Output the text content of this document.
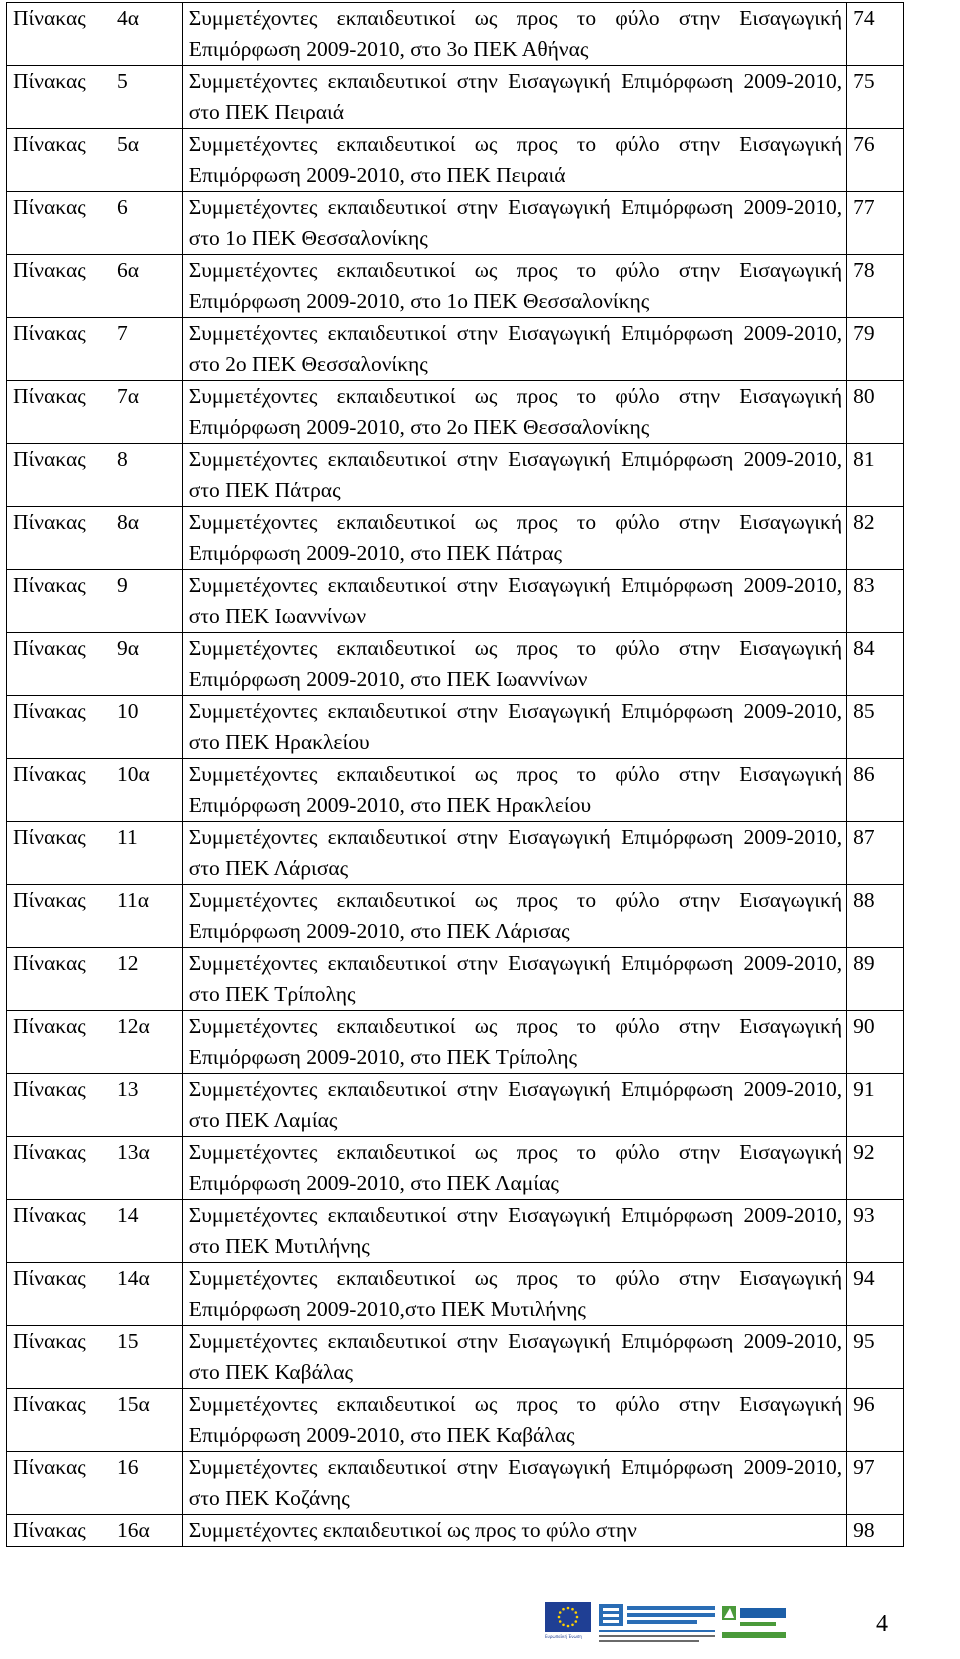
Πίνακας 4α	Συμμετέχοντες εκπαιδευτικοί ως προς το φύλο στην Εισαγωγική Επιμόρφωση 2009-2010, στο 3ο ΠΕΚ Αθήνας	74
Πίνακας 5	Συμμετέχοντες εκπαιδευτικοί στην Εισαγωγική Επιμόρφωση 2009-2010, στο ΠΕΚ Πειραιά	75
Πίνακας 5α	Συμμετέχοντες εκπαιδευτικοί ως προς το φύλο στην Εισαγωγική Επιμόρφωση 2009-2010, στο ΠΕΚ Πειραιά	76
Πίνακας 6	Συμμετέχοντες εκπαιδευτικοί στην Εισαγωγική Επιμόρφωση 2009-2010, στο 1ο ΠΕΚ Θεσσαλονίκης	77
Πίνακας 6α	Συμμετέχοντες εκπαιδευτικοί ως προς το φύλο στην Εισαγωγική Επιμόρφωση 2009-2010, στο 1ο ΠΕΚ Θεσσαλονίκης	78
Πίνακας 7	Συμμετέχοντες εκπαιδευτικοί στην Εισαγωγική Επιμόρφωση 2009-2010, στο 2ο ΠΕΚ Θεσσαλονίκης	79
Πίνακας 7α	Συμμετέχοντες εκπαιδευτικοί ως προς το φύλο στην Εισαγωγική Επιμόρφωση 2009-2010, στο 2ο ΠΕΚ Θεσσαλονίκης	80
Πίνακας 8	Συμμετέχοντες εκπαιδευτικοί στην Εισαγωγική Επιμόρφωση 2009-2010, στο ΠΕΚ Πάτρας	81
Πίνακας 8α	Συμμετέχοντες εκπαιδευτικοί ως προς το φύλο στην Εισαγωγική Επιμόρφωση 2009-2010, στο ΠΕΚ Πάτρας	82
Πίνακας 9	Συμμετέχοντες εκπαιδευτικοί στην Εισαγωγική Επιμόρφωση 2009-2010, στο ΠΕΚ Ιωαννίνων	83
Πίνακας 9α	Συμμετέχοντες εκπαιδευτικοί ως προς το φύλο στην Εισαγωγική Επιμόρφωση 2009-2010, στο ΠΕΚ Ιωαννίνων	84
Πίνακας 10	Συμμετέχοντες εκπαιδευτικοί στην Εισαγωγική Επιμόρφωση 2009-2010, στο ΠΕΚ Ηρακλείου	85
Πίνακας 10α	Συμμετέχοντες εκπαιδευτικοί ως προς το φύλο στην Εισαγωγική Επιμόρφωση 2009-2010, στο ΠΕΚ Ηρακλείου	86
Πίνακας 11	Συμμετέχοντες εκπαιδευτικοί στην Εισαγωγική Επιμόρφωση 2009-2010, στο ΠΕΚ Λάρισας	87
Πίνακας 11α	Συμμετέχοντες εκπαιδευτικοί ως προς το φύλο στην Εισαγωγική Επιμόρφωση 2009-2010, στο ΠΕΚ Λάρισας	88
Πίνακας 12	Συμμετέχοντες εκπαιδευτικοί στην Εισαγωγική Επιμόρφωση 2009-2010, στο ΠΕΚ Τρίπολης	89
Πίνακας 12α	Συμμετέχοντες εκπαιδευτικοί ως προς το φύλο στην Εισαγωγική Επιμόρφωση 2009-2010, στο ΠΕΚ Τρίπολης	90
Πίνακας 13	Συμμετέχοντες εκπαιδευτικοί στην Εισαγωγική Επιμόρφωση 2009-2010, στο ΠΕΚ Λαμίας	91
Πίνακας 13α	Συμμετέχοντες εκπαιδευτικοί ως προς το φύλο στην Εισαγωγική Επιμόρφωση 2009-2010, στο ΠΕΚ Λαμίας	92
Πίνακας 14	Συμμετέχοντες εκπαιδευτικοί στην Εισαγωγική Επιμόρφωση 2009-2010, στο ΠΕΚ Μυτιλήνης	93
Πίνακας 14α	Συμμετέχοντες εκπαιδευτικοί ως προς το φύλο στην Εισαγωγική Επιμόρφωση 2009-2010,στο ΠΕΚ Μυτιλήνης	94
Πίνακας 15	Συμμετέχοντες εκπαιδευτικοί στην Εισαγωγική Επιμόρφωση 2009-2010, στο ΠΕΚ Καβάλας	95
Πίνακας 15α	Συμμετέχοντες εκπαιδευτικοί ως προς το φύλο στην Εισαγωγική Επιμόρφωση 2009-2010, στο ΠΕΚ Καβάλας	96
Πίνακας 16	Συμμετέχοντες εκπαιδευτικοί στην Εισαγωγική Επιμόρφωση 2009-2010, στο ΠΕΚ Κοζάνης	97
Πίνακας 16α	Συμμετέχοντες εκπαιδευτικοί ως προς το φύλο στην	98
Ευρωπαϊκή Ένωση	4
